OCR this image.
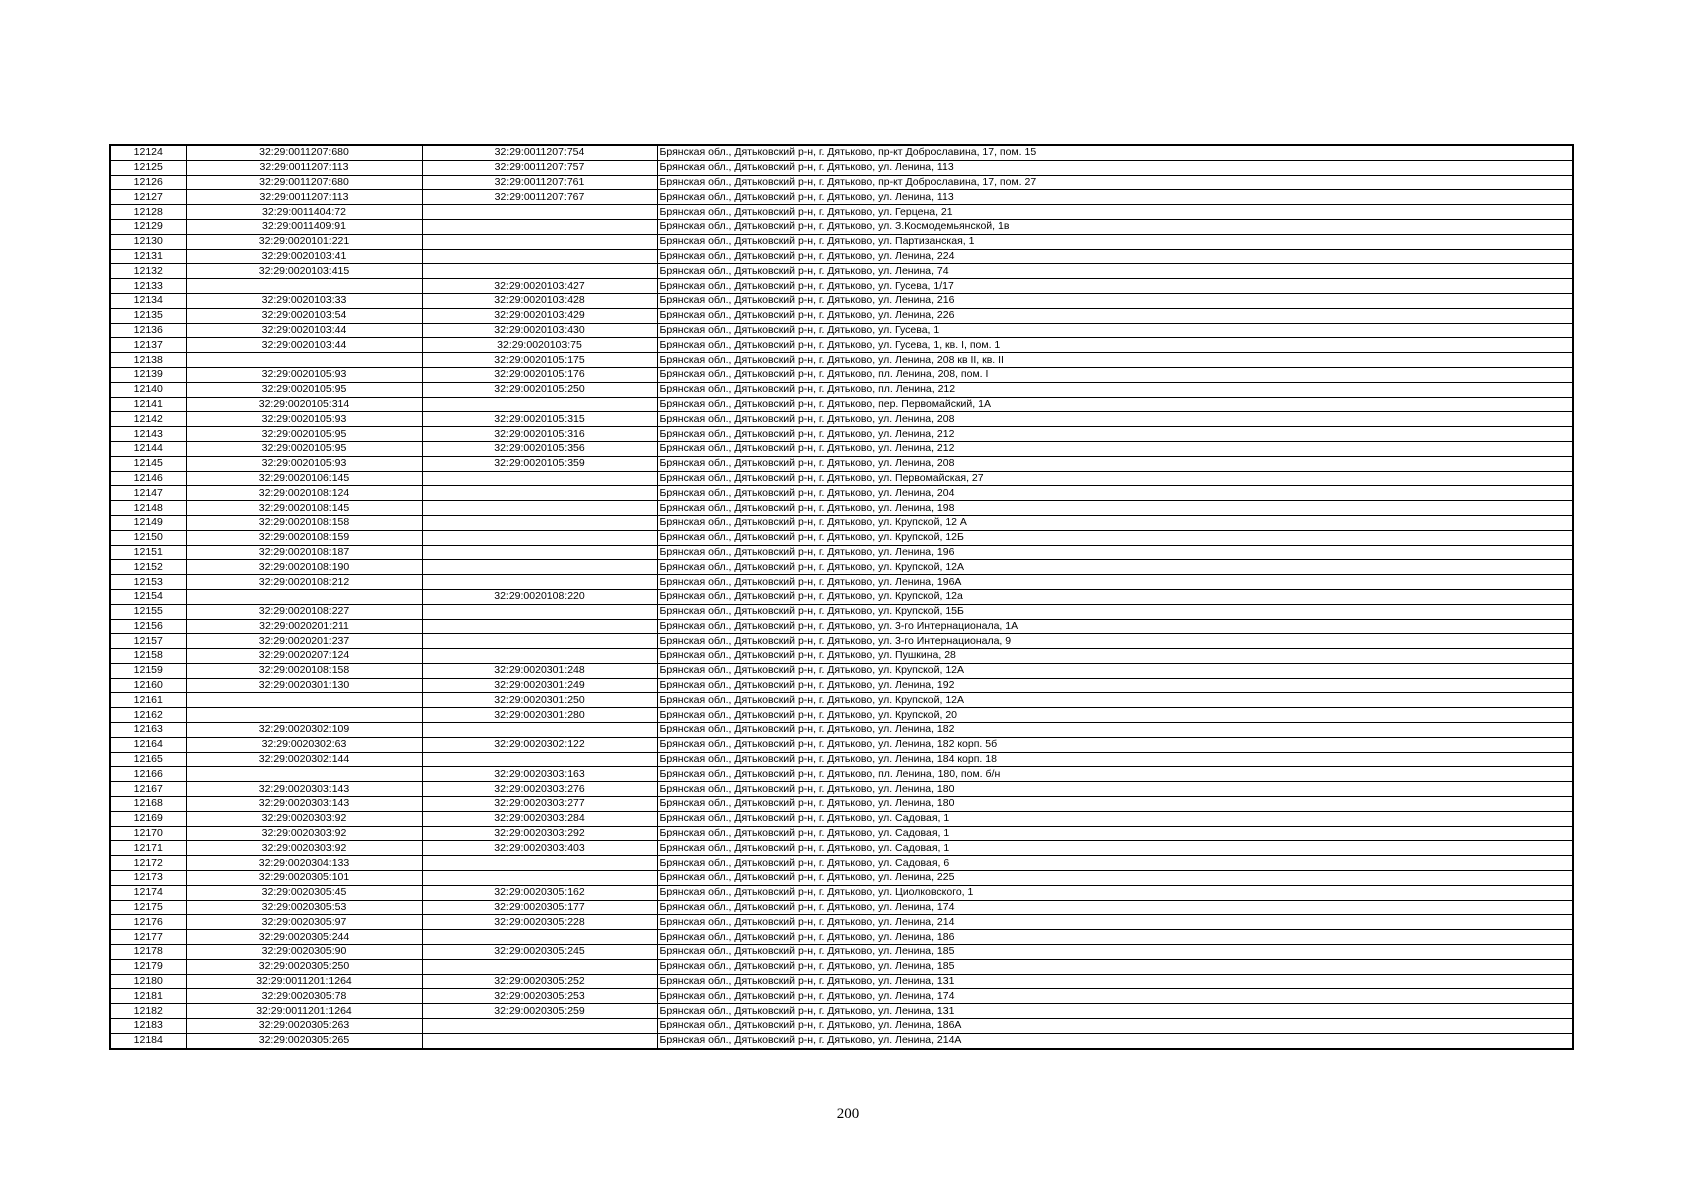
12124	32:29:0011207:680	32:29:0011207:754	Брянская обл., Дятьковский р-н, г. Дятьково, пр-кт Доброславина, 17, пом. 15
12125	32:29:0011207:113	32:29:0011207:757	Брянская обл., Дятьковский р-н, г. Дятьково, ул. Ленина, 113
12126	32:29:0011207:680	32:29:0011207:761	Брянская обл., Дятьковский р-н, г. Дятьково, пр-кт Доброславина, 17, пом. 27
12127	32:29:0011207:113	32:29:0011207:767	Брянская обл., Дятьковский р-н, г. Дятьково, ул. Ленина, 113
12128	32:29:0011404:72		Брянская обл., Дятьковский р-н, г. Дятьково, ул. Герцена, 21
12129	32:29:0011409:91		Брянская обл., Дятьковский р-н, г. Дятьково, ул. З.Космодемьянской, 1в
12130	32:29:0020101:221		Брянская обл., Дятьковский р-н, г. Дятьково, ул. Партизанская, 1
12131	32:29:0020103:41		Брянская обл., Дятьковский р-н, г. Дятьково, ул. Ленина, 224
12132	32:29:0020103:415		Брянская обл., Дятьковский р-н, г. Дятьково, ул. Ленина, 74
12133		32:29:0020103:427	Брянская обл., Дятьковский р-н, г. Дятьково, ул. Гусева, 1/17
12134	32:29:0020103:33	32:29:0020103:428	Брянская обл., Дятьковский р-н, г. Дятьково, ул. Ленина, 216
12135	32:29:0020103:54	32:29:0020103:429	Брянская обл., Дятьковский р-н, г. Дятьково, ул. Ленина, 226
12136	32:29:0020103:44	32:29:0020103:430	Брянская обл., Дятьковский р-н, г. Дятьково, ул. Гусева, 1
12137	32:29:0020103:44	32:29:0020103:75	Брянская обл., Дятьковский р-н, г. Дятьково, ул. Гусева, 1, кв. I, пом. 1
12138		32:29:0020105:175	Брянская обл., Дятьковский р-н, г. Дятьково, ул. Ленина, 208 кв II, кв. II
12139	32:29:0020105:93	32:29:0020105:176	Брянская обл., Дятьковский р-н, г. Дятьково, пл. Ленина, 208, пом. I
12140	32:29:0020105:95	32:29:0020105:250	Брянская обл., Дятьковский р-н, г. Дятьково, пл. Ленина, 212
12141	32:29:0020105:314		Брянская обл., Дятьковский р-н, г. Дятьково, пер. Первомайский, 1А
12142	32:29:0020105:93	32:29:0020105:315	Брянская обл., Дятьковский р-н, г. Дятьково, ул. Ленина, 208
12143	32:29:0020105:95	32:29:0020105:316	Брянская обл., Дятьковский р-н, г. Дятьково, ул. Ленина, 212
12144	32:29:0020105:95	32:29:0020105:356	Брянская обл., Дятьковский р-н, г. Дятьково, ул. Ленина, 212
12145	32:29:0020105:93	32:29:0020105:359	Брянская обл., Дятьковский р-н, г. Дятьково, ул. Ленина, 208
12146	32:29:0020106:145		Брянская обл., Дятьковский р-н, г. Дятьково, ул. Первомайская, 27
12147	32:29:0020108:124		Брянская обл., Дятьковский р-н, г. Дятьково, ул. Ленина, 204
12148	32:29:0020108:145		Брянская обл., Дятьковский р-н, г. Дятьково, ул. Ленина, 198
12149	32:29:0020108:158		Брянская обл., Дятьковский р-н, г. Дятьково, ул. Крупской, 12 А
12150	32:29:0020108:159		Брянская обл., Дятьковский р-н, г. Дятьково, ул. Крупской, 12Б
12151	32:29:0020108:187		Брянская обл., Дятьковский р-н, г. Дятьково, ул. Ленина, 196
12152	32:29:0020108:190		Брянская обл., Дятьковский р-н, г. Дятьково, ул. Крупской, 12А
12153	32:29:0020108:212		Брянская обл., Дятьковский р-н, г. Дятьково, ул. Ленина, 196А
12154		32:29:0020108:220	Брянская обл., Дятьковский р-н, г. Дятьково, ул. Крупской, 12а
12155	32:29:0020108:227		Брянская обл., Дятьковский р-н, г. Дятьково, ул. Крупской, 15Б
12156	32:29:0020201:211		Брянская обл., Дятьковский р-н, г. Дятьково, ул. 3-го Интернационала, 1А
12157	32:29:0020201:237		Брянская обл., Дятьковский р-н, г. Дятьково, ул. 3-го Интернационала, 9
12158	32:29:0020207:124		Брянская обл., Дятьковский р-н, г. Дятьково, ул. Пушкина, 28
12159	32:29:0020108:158	32:29:0020301:248	Брянская обл., Дятьковский р-н, г. Дятьково, ул. Крупской, 12А
12160	32:29:0020301:130	32:29:0020301:249	Брянская обл., Дятьковский р-н, г. Дятьково, ул. Ленина, 192
12161		32:29:0020301:250	Брянская обл., Дятьковский р-н, г. Дятьково, ул. Крупской, 12А
12162		32:29:0020301:280	Брянская обл., Дятьковский р-н, г. Дятьково, ул. Крупской, 20
12163	32:29:0020302:109		Брянская обл., Дятьковский р-н, г. Дятьково, ул. Ленина, 182
12164	32:29:0020302:63	32:29:0020302:122	Брянская обл., Дятьковский р-н, г. Дятьково, ул. Ленина, 182 корп. 5б
12165	32:29:0020302:144		Брянская обл., Дятьковский р-н, г. Дятьково, ул. Ленина, 184 корп. 18
12166		32:29:0020303:163	Брянская обл., Дятьковский р-н, г. Дятьково, пл. Ленина, 180, пом. б/н
12167	32:29:0020303:143	32:29:0020303:276	Брянская обл., Дятьковский р-н, г. Дятьково, ул. Ленина, 180
12168	32:29:0020303:143	32:29:0020303:277	Брянская обл., Дятьковский р-н, г. Дятьково, ул. Ленина, 180
12169	32:29:0020303:92	32:29:0020303:284	Брянская обл., Дятьковский р-н, г. Дятьково, ул. Садовая, 1
12170	32:29:0020303:92	32:29:0020303:292	Брянская обл., Дятьковский р-н, г. Дятьково, ул. Садовая, 1
12171	32:29:0020303:92	32:29:0020303:403	Брянская обл., Дятьковский р-н, г. Дятьково, ул. Садовая, 1
12172	32:29:0020304:133		Брянская обл., Дятьковский р-н, г. Дятьково, ул. Садовая, 6
12173	32:29:0020305:101		Брянская обл., Дятьковский р-н, г. Дятьково, ул. Ленина, 225
12174	32:29:0020305:45	32:29:0020305:162	Брянская обл., Дятьковский р-н, г. Дятьково, ул. Циолковского, 1
12175	32:29:0020305:53	32:29:0020305:177	Брянская обл., Дятьковский р-н, г. Дятьково, ул. Ленина, 174
12176	32:29:0020305:97	32:29:0020305:228	Брянская обл., Дятьковский р-н, г. Дятьково, ул. Ленина, 214
12177	32:29:0020305:244		Брянская обл., Дятьковский р-н, г. Дятьково, ул. Ленина, 186
12178	32:29:0020305:90	32:29:0020305:245	Брянская обл., Дятьковский р-н, г. Дятьково, ул. Ленина, 185
12179	32:29:0020305:250		Брянская обл., Дятьковский р-н, г. Дятьково, ул. Ленина, 185
12180	32:29:0011201:1264	32:29:0020305:252	Брянская обл., Дятьковский р-н, г. Дятьково, ул. Ленина, 131
12181	32:29:0020305:78	32:29:0020305:253	Брянская обл., Дятьковский р-н, г. Дятьково, ул. Ленина, 174
12182	32:29:0011201:1264	32:29:0020305:259	Брянская обл., Дятьковский р-н, г. Дятьково, ул. Ленина, 131
12183	32:29:0020305:263		Брянская обл., Дятьковский р-н, г. Дятьково, ул. Ленина, 186А
12184	32:29:0020305:265		Брянская обл., Дятьковский р-н, г. Дятьково, ул. Ленина, 214А
200
